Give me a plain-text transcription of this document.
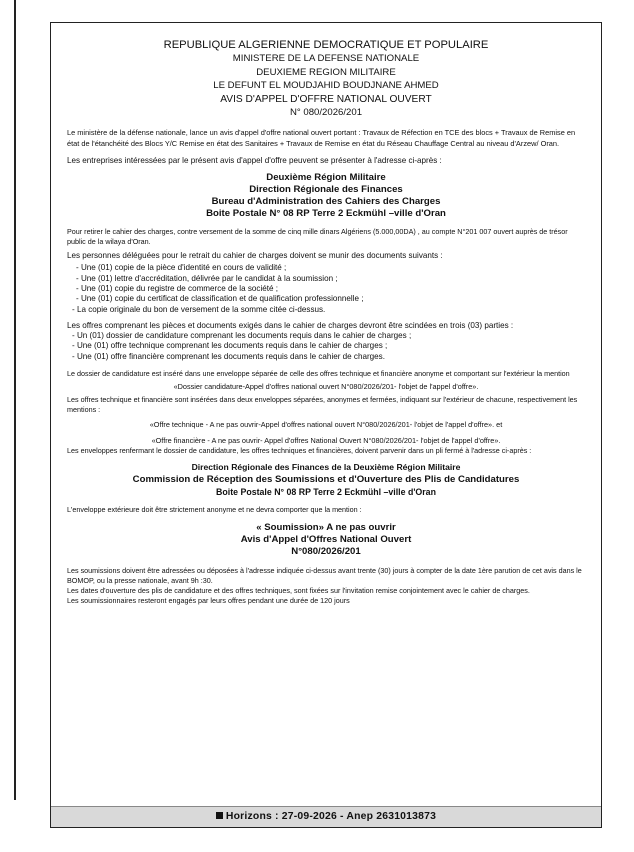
REPUBLIQUE ALGERIENNE DEMOCRATIQUE ET POPULAIRE
MINISTERE DE LA DEFENSE NATIONALE
DEUXIEME REGION MILITAIRE
LE DEFUNT EL MOUDJAHID BOUDJNANE AHMED
AVIS D'APPEL D'OFFRE NATIONAL OUVERT
N° 080/2026/201

Le ministère de la défense nationale, lance un avis d'appel d'offre national ouvert portant : Travaux de Réfection en TCE des blocs + Travaux de Remise en état de l'étanchéité des Blocs Y/C Remise en état des Sanitaires + Travaux de Remise en état du Réseau Chauffage Central au niveau d'Arzew/ Oran.

Les entreprises intéressées par le présent avis d'appel d'offre peuvent se présenter à l'adresse ci-après :

Deuxième Région Militaire
Direction Régionale des Finances
Bureau d'Administration des Cahiers des Charges
Boite Postale N° 08 RP Terre 2 Eckmühl –ville d'Oran

Pour retirer le cahier des charges, contre versement de la somme de cinq mille dinars Algériens (5.000,00DA) , au compte N°201 007 ouvert auprès de trésor public de la wilaya d'Oran.

Les personnes déléguées pour le retrait du cahier de charges doivent se munir des documents suivants :

- Une (01) copie de la pièce d'identité en cours de validité ;
- Une (01) lettre d'accréditation, délivrée par le candidat à la soumission ;
- Une (01) copie du registre de commerce de la société ;
- Une (01) copie du certificat de classification et de qualification professionnelle ;
- La copie originale du bon de versement de la somme citée ci-dessus.

Les offres comprenant les pièces et documents exigés dans le cahier de charges devront être scindées en trois (03) parties :

- Un (01) dossier de candidature comprenant les documents requis dans le cahier de charges ;
- Une (01) offre technique comprenant les documents requis dans le cahier de charges ;
- Une (01) offre financière comprenant les documents requis dans le cahier de charges.

Le dossier de candidature est inséré dans une enveloppe séparée de celle des offres technique et financière anonyme et comportant sur l'extérieur la mention

«Dossier candidature-Appel d'offres national ouvert N°080/2026/201- l'objet de l'appel d'offre».

Les offres technique et financière sont insérées dans deux enveloppes séparées, anonymes et fermées, indiquant sur l'extérieur de chacune, respectivement les mentions :

«Offre technique - A ne pas ouvrir-Appel d'offres national ouvert N°080/2026/201- l'objet de l'appel d'offre». et

«Offre financière - A ne pas ouvrir- Appel d'offres National Ouvert N°080/2026/201- l'objet de l'appel d'offre».

Les enveloppes renfermant le dossier de candidature, les offres techniques et financières, doivent parvenir dans un pli fermé à l'adresse ci-après :

Direction Régionale des Finances de la Deuxième Région Militaire
Commission de Réception des Soumissions et d'Ouverture des Plis de Candidatures
Boite Postale N° 08 RP Terre 2 Eckmühl –ville d'Oran

L'enveloppe extérieure doit être strictement anonyme et ne devra comporter que la mention :

« Soumission» A ne pas ouvrir
Avis d'Appel d'Offres National Ouvert
N°080/2026/201

Les soumissions doivent être adressées ou déposées à l'adresse indiquée ci-dessus avant trente (30) jours à compter de la date 1ère parution de cet avis dans le BOMOP, ou la presse nationale, avant 9h :30.

Les dates d'ouverture des plis de candidature et des offres techniques, sont fixées sur l'invitation remise conjointement avec le cahier de charges.

Les soumissionnaires resteront engagés par leurs offres pendant une durée de 120 jours

Horizons : 27-09-2026 - Anep 2631013873
